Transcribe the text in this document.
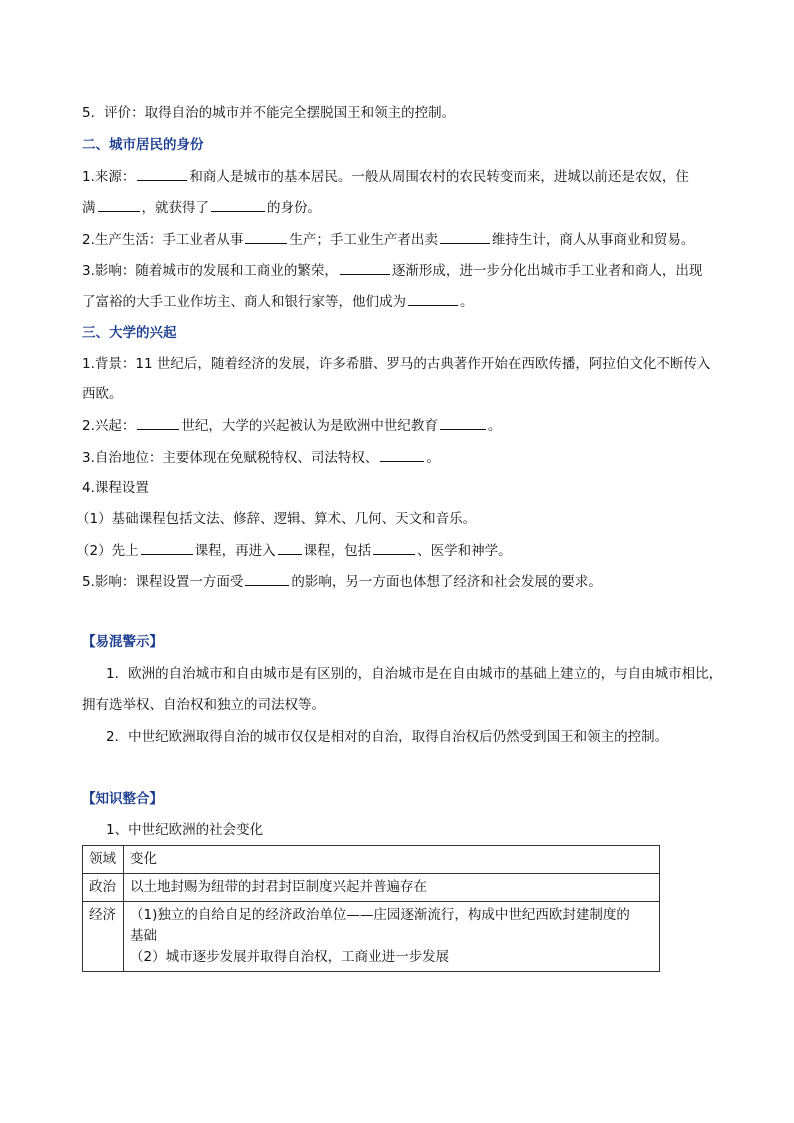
5．评价：取得自治的城市并不能完全摆脱国王和领主的控制。
二、城市居民的身份
1.来源：	和商人是城市的基本居民。一般从周围农村的农民转变而来，进城以前还是农奴，住
满	，就获得了	的身份。
2.生产生活：手工业者从事	生产；手工业生产者出卖	维持生计，商人从事商业和贸易。
3.影响：随着城市的发展和工商业的繁荣，	逐渐形成，进一步分化出城市手工业者和商人，出现
了富裕的大手工业作坊主、商人和银行家等，他们成为	。
三、大学的兴起
1.背景：11 世纪后，随着经济的发展，许多希腊、罗马的古典著作开始在西欧传播，阿拉伯文化不断传入
西欧。
2.兴起：	世纪，大学的兴起被认为是欧洲中世纪教育	。
3.自治地位：主要体现在免赋税特权、司法特权、	。
4.课程设置
（1）基础课程包括文法、修辞、逻辑、算术、几何、天文和音乐。
（2）先上	课程，再进入 课程，包括	、医学和神学。
5.影响：课程设置一方面受	的影响，另一方面也体想了经济和社会发展的要求。
【易混警示】
1．欧洲的自治城市和自由城市是有区别的，自治城市是在自由城市的基础上建立的，与自由城市相比，
拥有选举权、自治权和独立的司法权等。
2．中世纪欧洲取得自治的城市仅仅是相对的自治，取得自治权后仍然受到国王和领主的控制。
【知识整合】
1、中世纪欧洲的社会变化
领域	变化
政治	以土地封赐为纽带的封君封臣制度兴起并普遍存在
经济	（1)独立的自给自足的经济政治单位——庄园逐渐流行，构成中世纪西欧封建制度的
基础
（2）城市逐步发展并取得自治权，工商业进一步发展
